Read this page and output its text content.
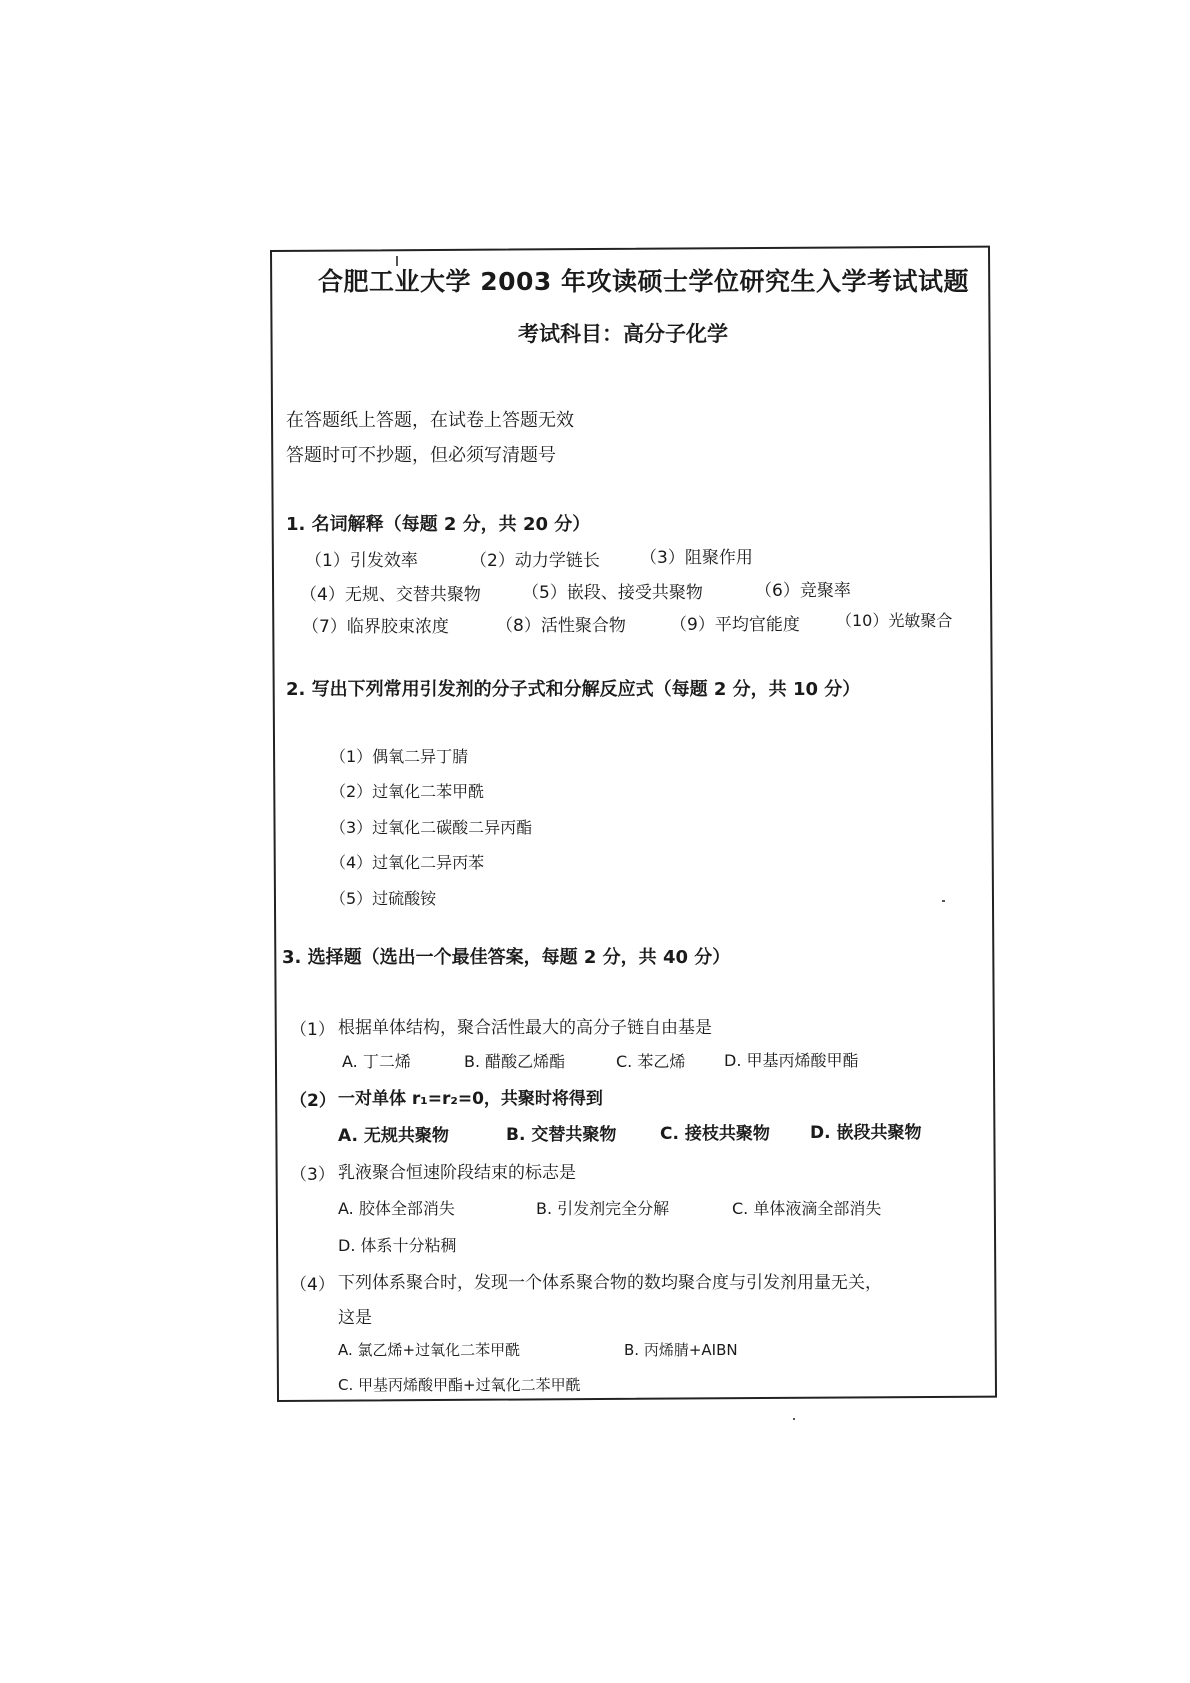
合肥工业大学 2003 年攻读硕士学位研究生入学考试试题
考试科目：高分子化学
在答题纸上答题，在试卷上答题无效
答题时可不抄题，但必须写清题号
1. 名词解释（每题 2 分，共 20 分）
（1）引发效率	（2）动力学链长 （3）阻聚作用
（4）无规、交替共聚物 （5）嵌段、接受共聚物	（6）竞聚率
（7）临界胶束浓度	（8）活性聚合物	（9）平均官能度 （10）光敏聚合
2. 写出下列常用引发剂的分子式和分解反应式（每题 2 分，共 10 分）
（1）偶氧二异丁腈
（2）过氧化二苯甲酰
（3）过氧化二碳酸二异丙酯
（4）过氧化二异丙苯
（5）过硫酸铵
3. 选择题（选出一个最佳答案，每题 2 分，共 40 分）
（1） 根据单体结构，聚合活性最大的高分子链自由基是
A. 丁二烯	B. 醋酸乙烯酯	C. 苯乙烯 D. 甲基丙烯酸甲酯
（2） 一对单体 r₁=r₂=0，共聚时将得到
A. 无规共聚物	B. 交替共聚物	C. 接枝共聚物 D. 嵌段共聚物
（3） 乳液聚合恒速阶段结束的标志是
A. 胶体全部消失	B. 引发剂完全分解	C. 单体液滴全部消失
D. 体系十分粘稠
（4） 下列体系聚合时，发现一个体系聚合物的数均聚合度与引发剂用量无关，
这是
A. 氯乙烯+过氧化二苯甲酰	B. 丙烯腈+AIBN
C. 甲基丙烯酸甲酯+过氧化二苯甲酰
